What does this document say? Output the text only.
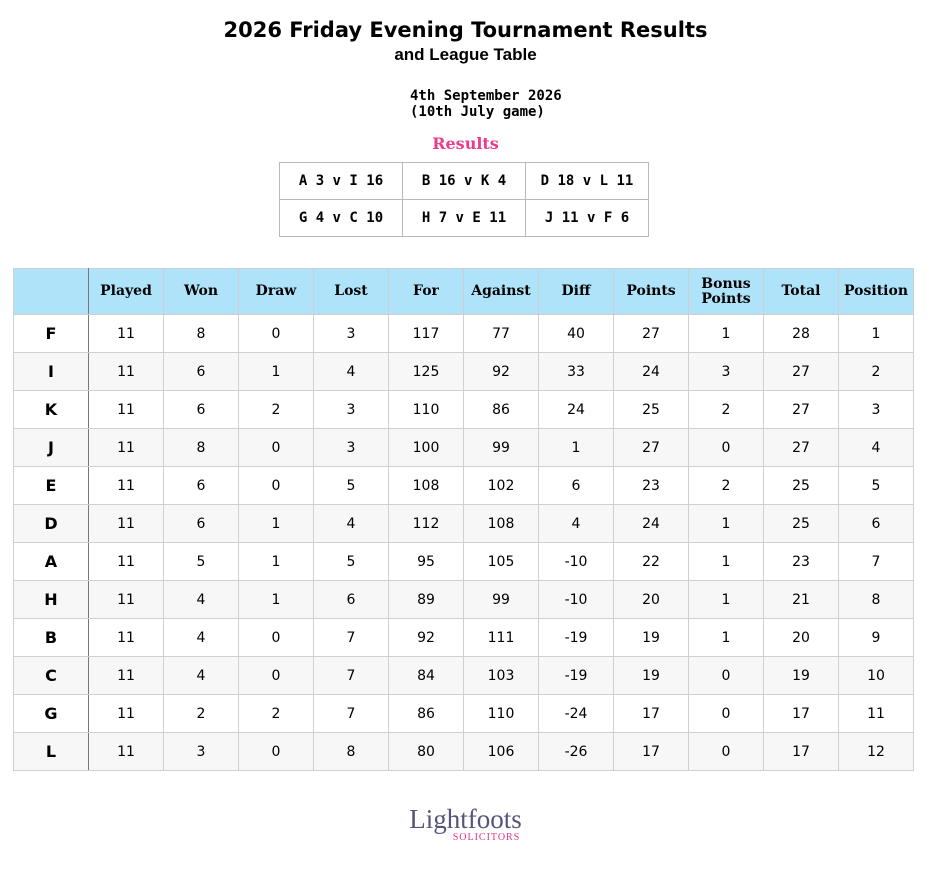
2026 Friday Evening Tournament Results
and League Table
4th September 2026
(10th July game)
Results
A 3 v I 16	B 16 v K 4	D 18 v L 11
G 4 v C 10	H 7 v E 11	J 11 v F 6
	Played	Won	Draw	Lost	For	Against	Diff	Points	Bonus
Points	Total	Position
F	11	8	0	3	117	77	40	27	1	28	1
I	11	6	1	4	125	92	33	24	3	27	2
K	11	6	2	3	110	86	24	25	2	27	3
J	11	8	0	3	100	99	1	27	0	27	4
E	11	6	0	5	108	102	6	23	2	25	5
D	11	6	1	4	112	108	4	24	1	25	6
A	11	5	1	5	95	105	-10	22	1	23	7
H	11	4	1	6	89	99	-10	20	1	21	8
B	11	4	0	7	92	111	-19	19	1	20	9
C	11	4	0	7	84	103	-19	19	0	19	10
G	11	2	2	7	86	110	-24	17	0	17	11
L	11	3	0	8	80	106	-26	17	0	17	12
Lightfoots
SOLICITORS
